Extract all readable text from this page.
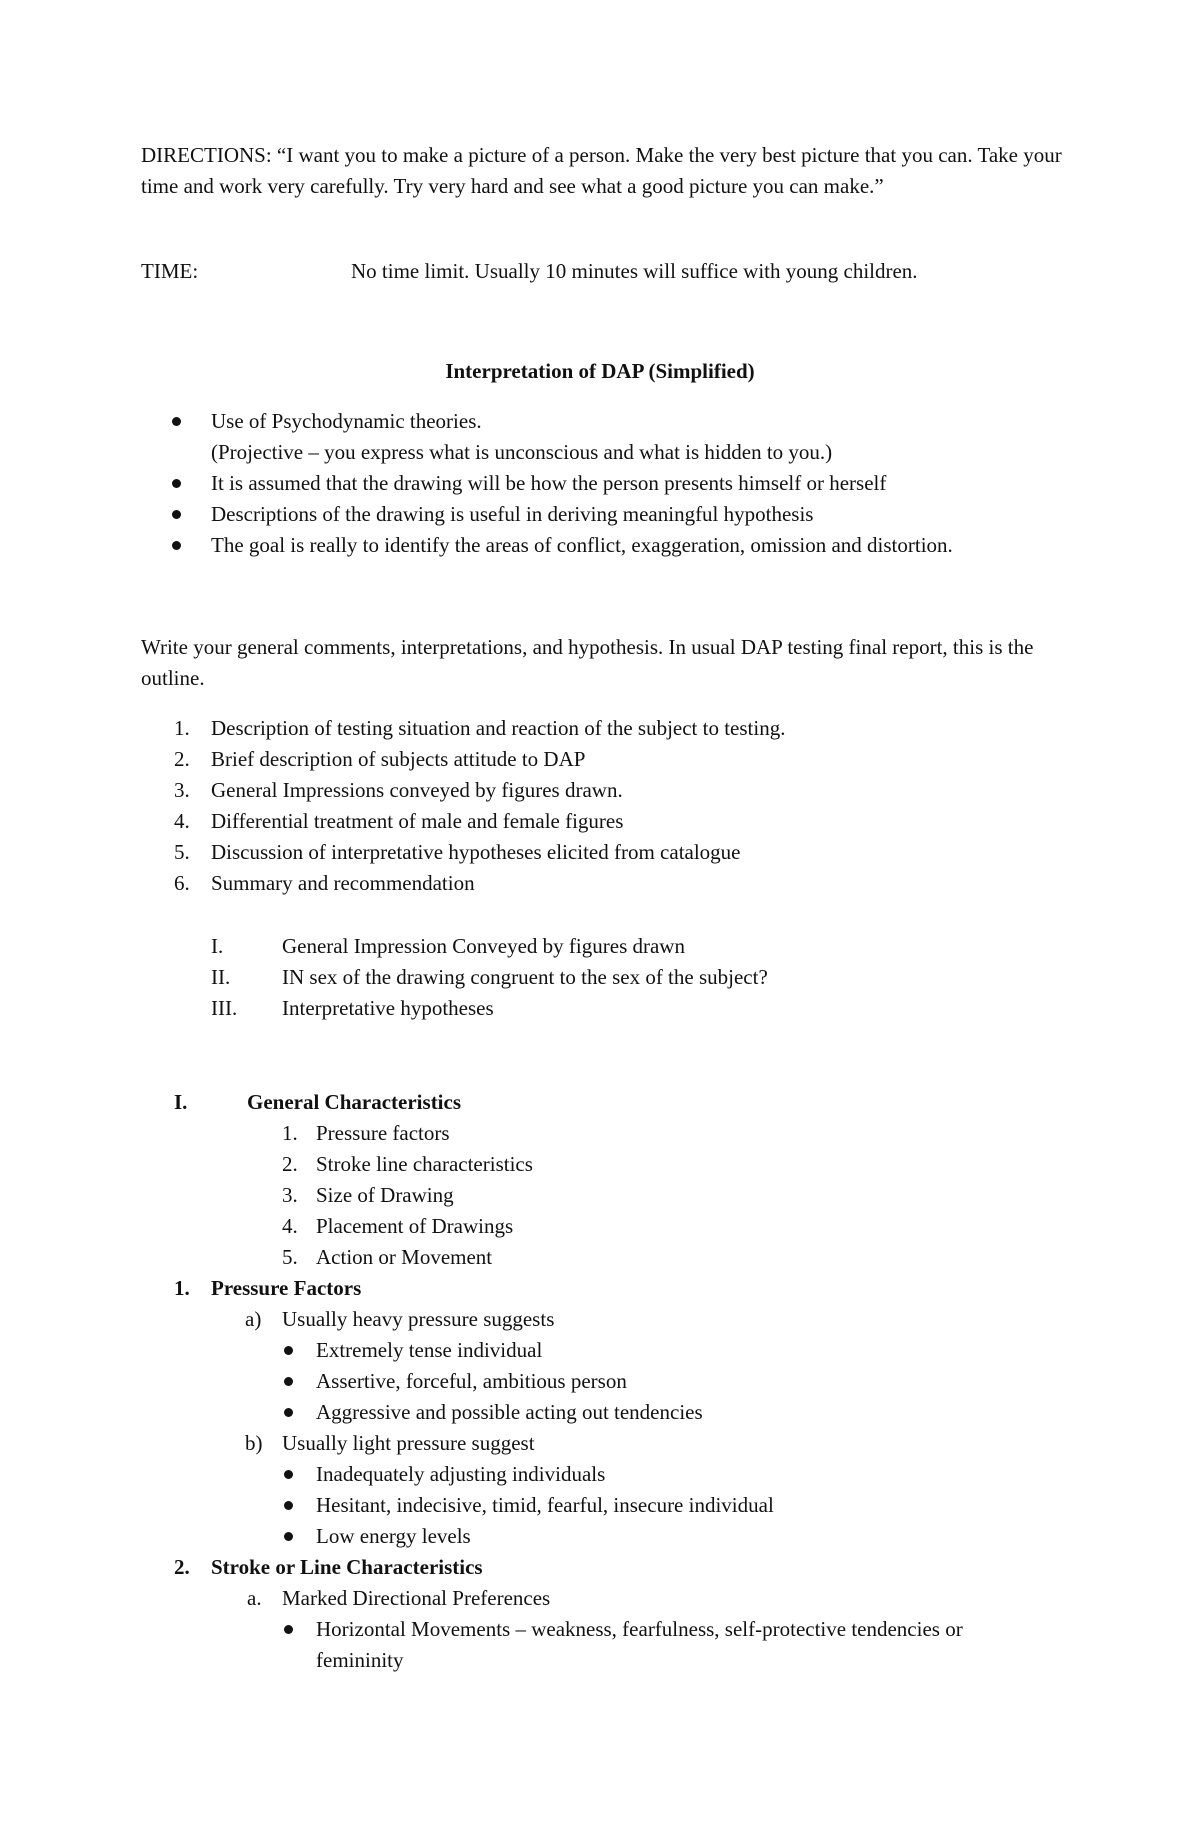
DIRECTIONS: “I want you to make a picture of a person. Make the very best picture that you can. Take your time and work very carefully. Try very hard and see what a good picture you can make.”
TIME:	No time limit. Usually 10 minutes will suffice with young children.
Interpretation of DAP (Simplified)
Use of Psychodynamic theories.
(Projective – you express what is unconscious and what is hidden to you.)
It is assumed that the drawing will be how the person presents himself or herself
Descriptions of the drawing is useful in deriving meaningful hypothesis
The goal is really to identify the areas of conflict, exaggeration, omission and distortion.
Write your general comments, interpretations, and hypothesis. In usual DAP testing final report, this is the outline.
1. Description of testing situation and reaction of the subject to testing.
2. Brief description of subjects attitude to DAP
3. General Impressions conveyed by figures drawn.
4. Differential treatment of male and female figures
5. Discussion of interpretative hypotheses elicited from catalogue
6. Summary and recommendation
I.	General Impression Conveyed by figures drawn
II. IN sex of the drawing congruent to the sex of the subject?
III. Interpretative hypotheses
I.	General Characteristics
1. Pressure factors
2. Stroke line characteristics
3. Size of Drawing
4. Placement of Drawings
5. Action or Movement
1. Pressure Factors
a) Usually heavy pressure suggests
Extremely tense individual
Assertive, forceful, ambitious person
Aggressive and possible acting out tendencies
b) Usually light pressure suggest
Inadequately adjusting individuals
Hesitant, indecisive, timid, fearful, insecure individual
Low energy levels
2. Stroke or Line Characteristics
a. Marked Directional Preferences
Horizontal Movements – weakness, fearfulness, self-protective tendencies or
femininity
